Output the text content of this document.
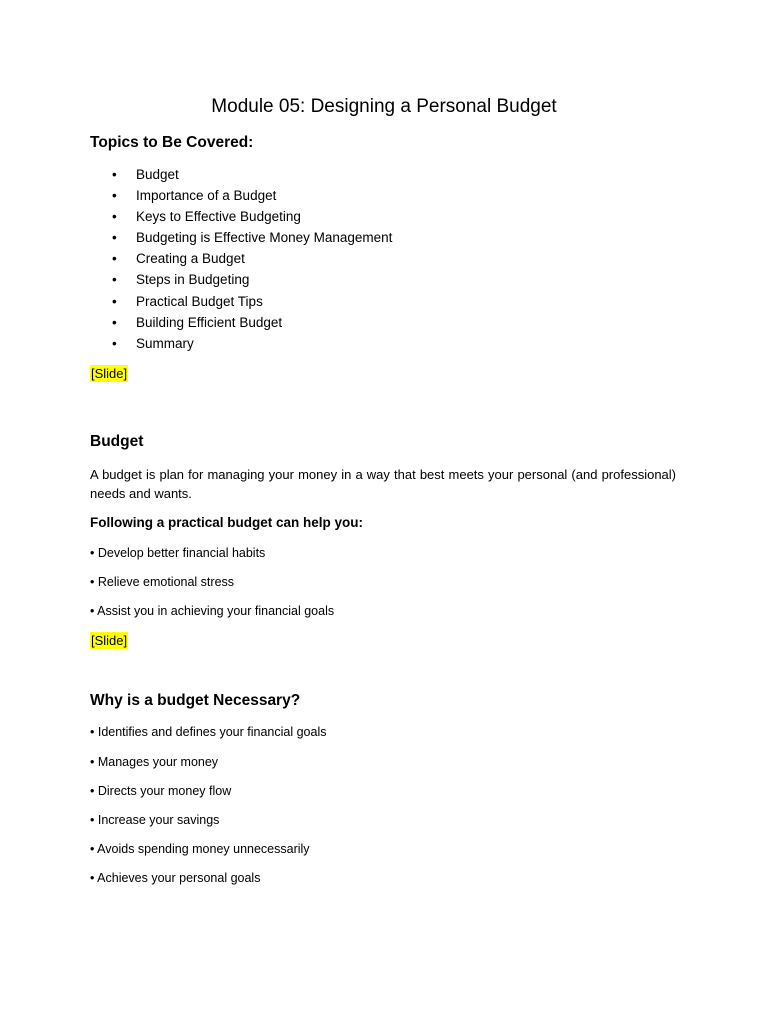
Module 05: Designing a Personal Budget
Topics to Be Covered:
• Budget
• Importance of a Budget
• Keys to Effective Budgeting
• Budgeting is Effective Money Management
• Creating a Budget
• Steps in Budgeting
• Practical Budget Tips
• Building Efficient Budget
• Summary
[Slide]
Budget
A budget is plan for managing your money in a way that best meets your personal (and professional) needs and wants.
Following a practical budget can help you:
• Develop better financial habits
• Relieve emotional stress
• Assist you in achieving your financial goals
[Slide]
Why is a budget Necessary?
• Identifies and defines your financial goals
• Manages your money
• Directs your money flow
• Increase your savings
• Avoids spending money unnecessarily
• Achieves your personal goals
